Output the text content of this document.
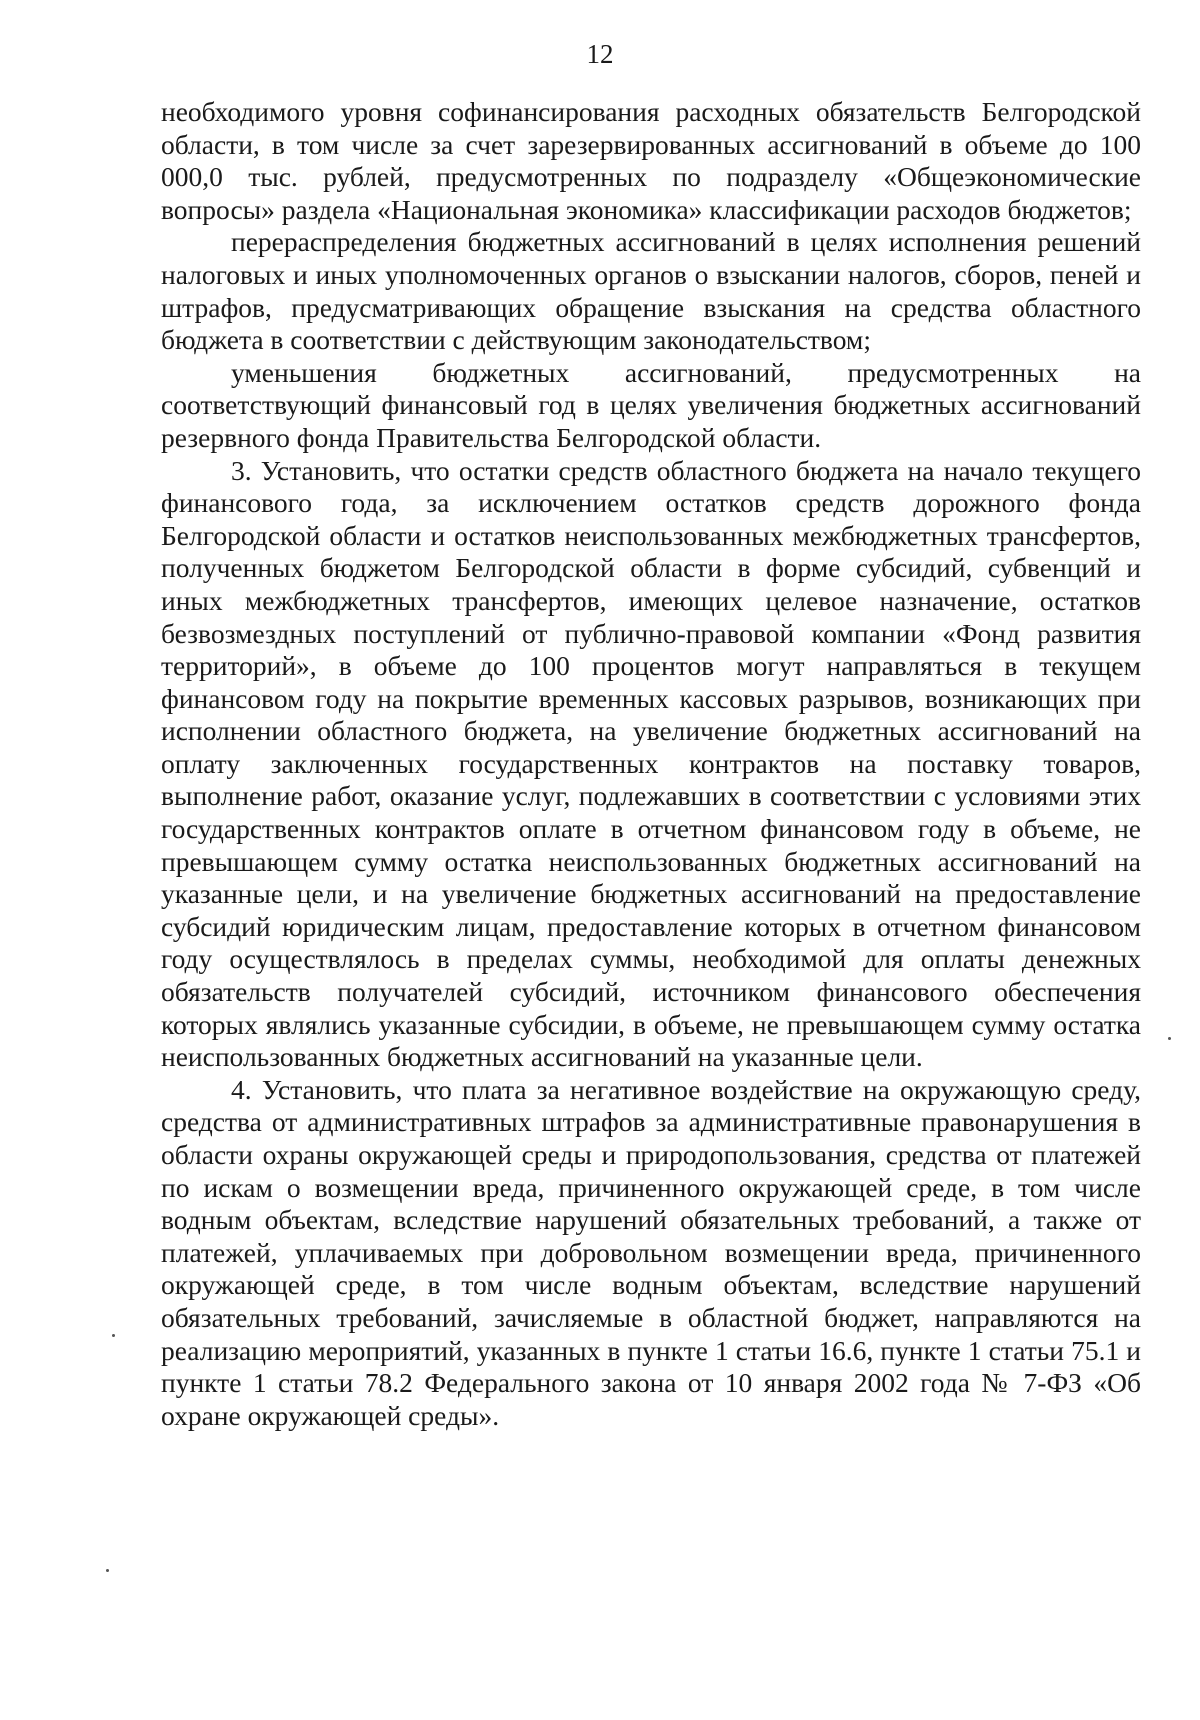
12

необходимого уровня софинансирования расходных обязательств Белгородской области, в том числе за счет зарезервированных ассигнований в объеме до 100 000,0 тыс. рублей, предусмотренных по подразделу «Общеэкономические вопросы» раздела «Национальная экономика» классификации расходов бюджетов;

перераспределения бюджетных ассигнований в целях исполнения решений налоговых и иных уполномоченных органов о взыскании налогов, сборов, пеней и штрафов, предусматривающих обращение взыскания на средства областного бюджета в соответствии с действующим законодательством;

уменьшения бюджетных ассигнований, предусмотренных на соответствующий финансовый год в целях увеличения бюджетных ассигнований резервного фонда Правительства Белгородской области.

3. Установить, что остатки средств областного бюджета на начало текущего финансового года, за исключением остатков средств дорожного фонда Белгородской области и остатков неиспользованных межбюджетных трансфертов, полученных бюджетом Белгородской области в форме субсидий, субвенций и иных межбюджетных трансфертов, имеющих целевое назначение, остатков безвозмездных поступлений от публично-правовой компании «Фонд развития территорий», в объеме до 100 процентов могут направляться в текущем финансовом году на покрытие временных кассовых разрывов, возникающих при исполнении областного бюджета, на увеличение бюджетных ассигнований на оплату заключенных государственных контрактов на поставку товаров, выполнение работ, оказание услуг, подлежавших в соответствии с условиями этих государственных контрактов оплате в отчетном финансовом году в объеме, не превышающем сумму остатка неиспользованных бюджетных ассигнований на указанные цели, и на увеличение бюджетных ассигнований на предоставление субсидий юридическим лицам, предоставление которых в отчетном финансовом году осуществлялось в пределах суммы, необходимой для оплаты денежных обязательств получателей субсидий, источником финансового обеспечения которых являлись указанные субсидии, в объеме, не превышающем сумму остатка неиспользованных бюджетных ассигнований на указанные цели.

4. Установить, что плата за негативное воздействие на окружающую среду, средства от административных штрафов за административные правонарушения в области охраны окружающей среды и природопользования, средства от платежей по искам о возмещении вреда, причиненного окружающей среде, в том числе водным объектам, вследствие нарушений обязательных требований, а также от платежей, уплачиваемых при добровольном возмещении вреда, причиненного окружающей среде, в том числе водным объектам, вследствие нарушений обязательных требований, зачисляемые в областной бюджет, направляются на реализацию мероприятий, указанных в пункте 1 статьи 16.6, пункте 1 статьи 75.1 и пункте 1 статьи 78.2 Федерального закона от 10 января 2002 года № 7-ФЗ «Об охране окружающей среды».
